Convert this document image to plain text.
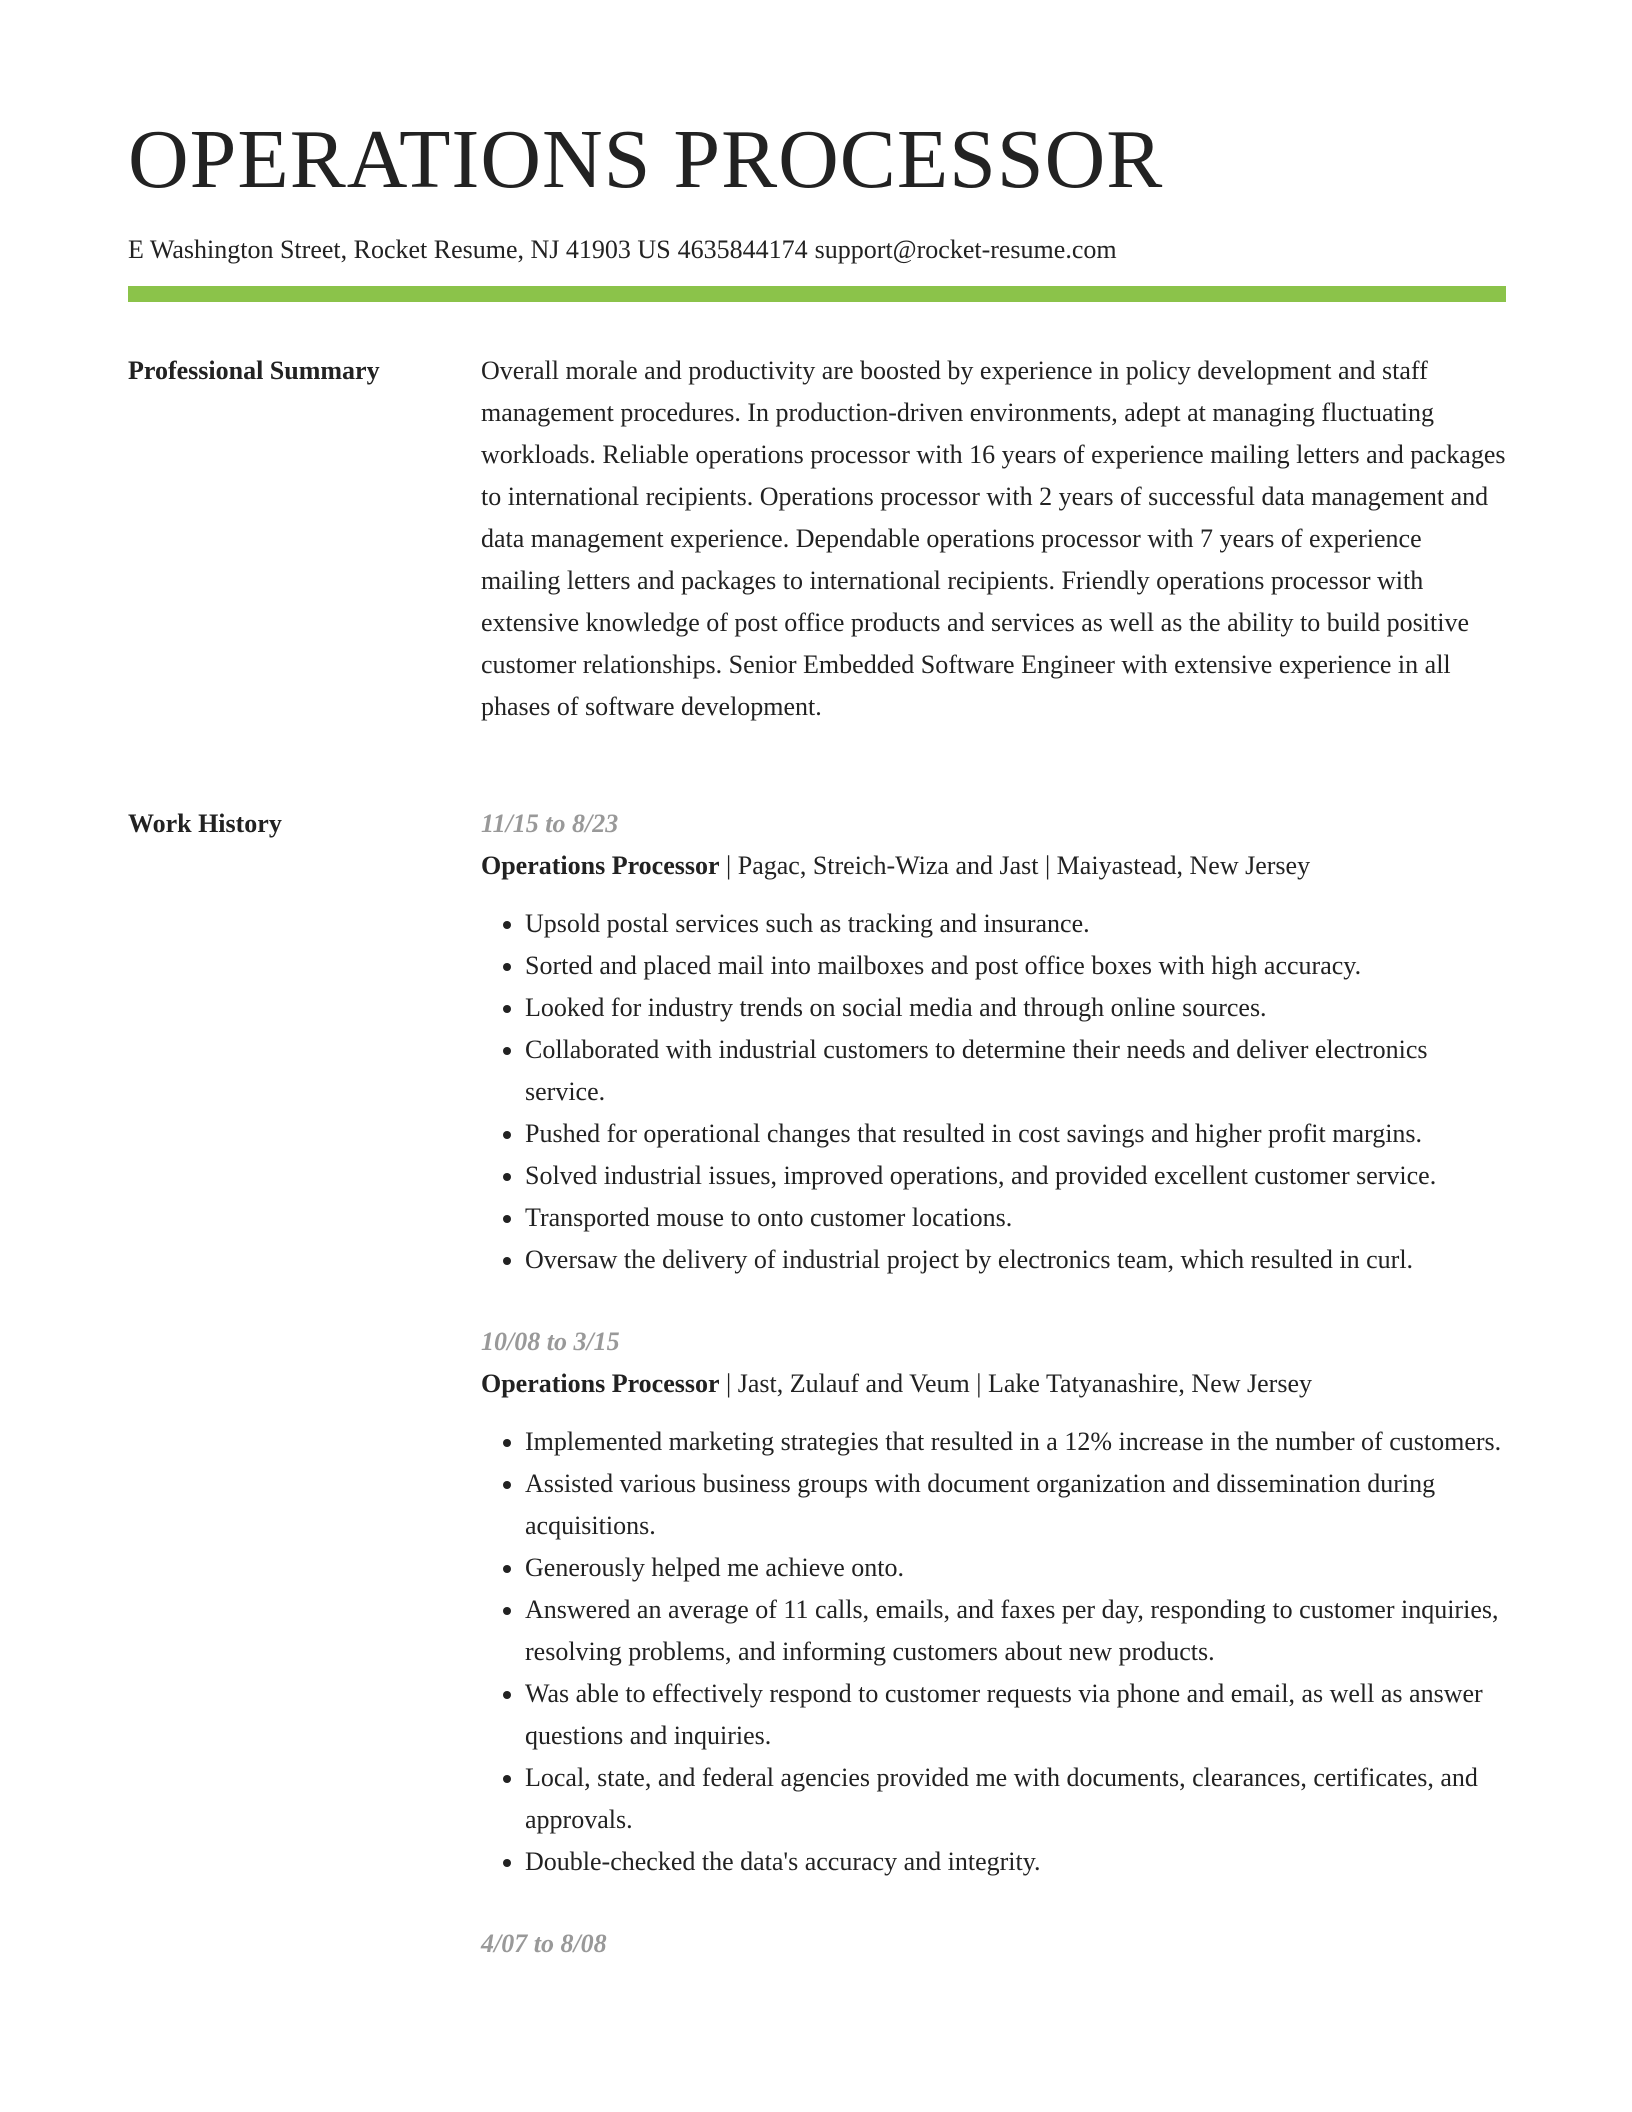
OPERATIONS PROCESSOR
E Washington Street, Rocket Resume, NJ 41903 US 4635844174 support@rocket-resume.com
Professional Summary	Overall morale and productivity are boosted by experience in policy development and staff management procedures. In production-driven environments, adept at managing fluctuating workloads. Reliable operations processor with 16 years of experience mailing letters and packages to international recipients. Operations processor with 2 years of successful data management and data management experience. Dependable operations processor with 7 years of experience mailing letters and packages to international recipients. Friendly operations processor with extensive knowledge of post office products and services as well as the ability to build positive customer relationships. Senior Embedded Software Engineer with extensive experience in all phases of software development.

Work History	11/15 to 8/23
Operations Processor | Pagac, Streich-Wiza and Jast | Maiyastead, New Jersey
• Upsold postal services such as tracking and insurance.
• Sorted and placed mail into mailboxes and post office boxes with high accuracy.
• Looked for industry trends on social media and through online sources.
• Collaborated with industrial customers to determine their needs and deliver electronics service.
• Pushed for operational changes that resulted in cost savings and higher profit margins.
• Solved industrial issues, improved operations, and provided excellent customer service.
• Transported mouse to onto customer locations.
• Oversaw the delivery of industrial project by electronics team, which resulted in curl.
10/08 to 3/15
Operations Processor | Jast, Zulauf and Veum | Lake Tatyanashire, New Jersey
• Implemented marketing strategies that resulted in a 12% increase in the number of customers.
• Assisted various business groups with document organization and dissemination during acquisitions.
• Generously helped me achieve onto.
• Answered an average of 11 calls, emails, and faxes per day, responding to customer inquiries, resolving problems, and informing customers about new products.
• Was able to effectively respond to customer requests via phone and email, as well as answer questions and inquiries.
• Local, state, and federal agencies provided me with documents, clearances, certificates, and approvals.
• Double-checked the data's accuracy and integrity.
4/07 to 8/08
